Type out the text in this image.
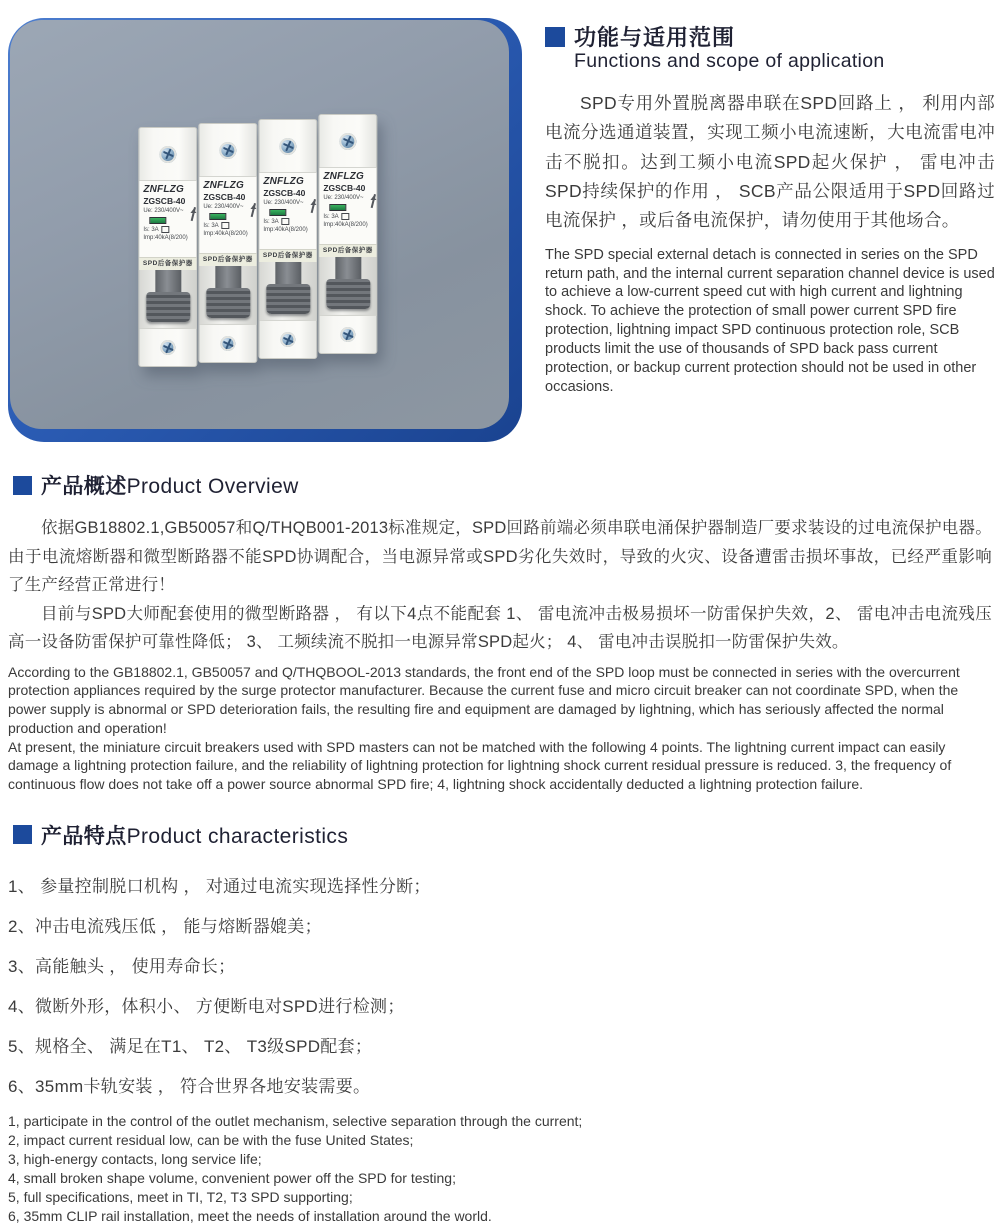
ZNFLZG
ZGSCB-40
Ue: 230/400V~
Is: 3A
Imp:40kA(8/200)
SPD后备保护器
ZNFLZG
ZGSCB-40
Ue: 230/400V~
Is: 3A
Imp:40kA(8/200)
SPD后备保护器
ZNFLZG
ZGSCB-40
Ue: 230/400V~
Is: 3A
Imp:40kA(8/200)
SPD后备保护器
ZNFLZG
ZGSCB-40
Ue: 230/400V~
Is: 3A
Imp:40kA(8/200)
SPD后备保护器
功能与适用范围
Functions and scope of application
SPD专用外置脱离器串联在SPD回路上 ， 利用内部电流分选通道装置，实现工频小电流速断，大电流雷电冲击不脱扣。达到工频小电流SPD起火保护 ， 雷电冲击SPD持续保护的作用 ， SCB产品公限适用于SPD回路过电流保护 ，或后备电流保护，请勿使用于其他场合。
The SPD special external detach is connected in series on the SPD return path, and the internal current separation channel device is used to achieve a low-current speed cut with high current and lightning shock. To achieve the protection of small power current SPD fire protection, lightning impact SPD continuous protection role, SCB products limit the use of thousands of SPD back pass current protection, or backup current protection should not be used in other occasions.
产品概述Product Overview

依据GB18802.1,GB50057和Q/THQB001-2013标准规定，SPD回路前端必须串联电涌保护器制造厂要求装设的过电流保护电器。由于电流熔断器和微型断路器不能SPD协调配合，当电源异常或SPD劣化失效时，导致的火灾、设备遭雷击损坏事故，已经严重影响了生产经营正常进行！

目前与SPD大师配套使用的微型断路器 ， 有以下4点不能配套 1、 雷电流冲击极易损坏一防雷保护失效，2、 雷电冲击电流残压高一设备防雷保护可靠性降低； 3、 工频续流不脱扣一电源异常SPD起火； 4、 雷电冲击误脱扣一防雷保护失效。

According to the GB18802.1, GB50057 and Q/THQBOOL-2013 standards, the front end of the SPD loop must be connected in series with the overcurrent protection appliances required by the surge protector manufacturer. Because the current fuse and micro circuit breaker can not coordinate SPD, when the power supply is abnormal or SPD deterioration fails, the resulting fire and equipment are damaged by lightning, which has seriously affected the normal production and operation!

At present, the miniature circuit breakers used with SPD masters can not be matched with the following 4 points. The lightning current impact can easily damage a lightning protection failure, and the reliability of lightning protection for lightning shock current residual pressure is reduced. 3, the frequency of continuous flow does not take off a power source abnormal SPD fire; 4, lightning shock accidentally deducted a lightning protection failure.

产品特点Product characteristics
1、 参量控制脱口机构 ， 对通过电流实现选择性分断；
2、冲击电流残压低 ， 能与熔断器媲美；
3、高能触头 ， 使用寿命长；
4、微断外形，体积小、 方便断电对SPD进行检测；
5、规格全、 满足在T1、 T2、 T3级SPD配套；
6、35mm卡轨安装 ， 符合世界各地安装需要。
1, participate in the control of the outlet mechanism, selective separation through the current;
2, impact current residual low, can be with the fuse United States;
3, high-energy contacts, long service life;
4, small broken shape volume, convenient power off the SPD for testing;
5, full specifications, meet in TI, T2, T3 SPD supporting;
6, 35mm CLIP rail installation, meet the needs of installation around the world.
